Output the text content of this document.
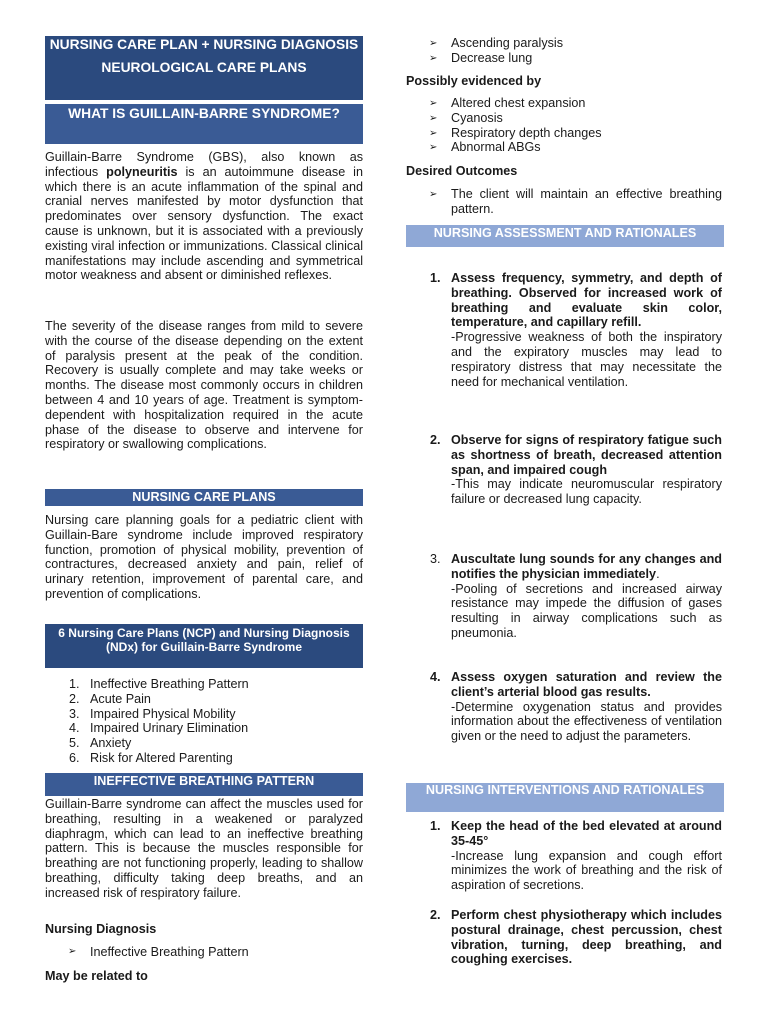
NURSING CARE PLAN + NURSING DIAGNOSIS
NEUROLOGICAL CARE PLANS
WHAT IS GUILLAIN-BARRE SYNDROME?

Guillain-Barre Syndrome (GBS), also known as infectious polyneuritis is an autoimmune disease in which there is an acute inflammation of the spinal and cranial nerves manifested by motor dysfunction that predominates over sensory dysfunction. The exact cause is unknown, but it is associated with a previously existing viral infection or immunizations. Classical clinical manifestations may include ascending and symmetrical motor weakness and absent or diminished reflexes.

The severity of the disease ranges from mild to severe with the course of the disease depending on the extent of paralysis present at the peak of the condition. Recovery is usually complete and may take weeks or months. The disease most commonly occurs in children between 4 and 10 years of age. Treatment is symptom-dependent with hospitalization required in the acute phase of the disease to observe and intervene for respiratory or swallowing complications.

NURSING CARE PLANS

Nursing care planning goals for a pediatric client with Guillain-Bare syndrome include improved respiratory function, promotion of physical mobility, prevention of contractures, decreased anxiety and pain, relief of urinary retention, improvement of parental care, and prevention of complications.

6 Nursing Care Plans (NCP) and Nursing Diagnosis (NDx) for Guillain-Barre Syndrome
1. Ineffective Breathing Pattern
2. Acute Pain
3. Impaired Physical Mobility
4. Impaired Urinary Elimination
5. Anxiety
6. Risk for Altered Parenting
INEFFECTIVE BREATHING PATTERN

Guillain-Barre syndrome can affect the muscles used for breathing, resulting in a weakened or paralyzed diaphragm, which can lead to an ineffective breathing pattern. This is because the muscles responsible for breathing are not functioning properly, leading to shallow breathing, difficulty taking deep breaths, and an increased risk of respiratory failure.

Nursing Diagnosis
➢ Ineffective Breathing Pattern
May be related to
➢ Ascending paralysis
➢ Decrease lung
Possibly evidenced by
➢ Altered chest expansion
➢ Cyanosis
➢ Respiratory depth changes
➢ Abnormal ABGs
Desired Outcomes
➢ The client will maintain an effective breathing pattern.
NURSING ASSESSMENT AND RATIONALES
1. Assess frequency, symmetry, and depth of breathing. Observed for increased work of breathing and evaluate skin color, temperature, and capillary refill.
-Progressive weakness of both the inspiratory and the expiratory muscles may lead to respiratory distress that may necessitate the need for mechanical ventilation.
2. Observe for signs of respiratory fatigue such as shortness of breath, decreased attention span, and impaired cough
-This may indicate neuromuscular respiratory failure or decreased lung capacity.
3. Auscultate lung sounds for any changes and notifies the physician immediately.
-Pooling of secretions and increased airway resistance may impede the diffusion of gases resulting in airway complications such as pneumonia.
4. Assess oxygen saturation and review the client’s arterial blood gas results.
-Determine oxygenation status and provides information about the effectiveness of ventilation given or the need to adjust the parameters.
NURSING INTERVENTIONS AND RATIONALES
1. Keep the head of the bed elevated at around 35-45°
-Increase lung expansion and cough effort minimizes the work of breathing and the risk of aspiration of secretions.
2. Perform chest physiotherapy which includes postural drainage, chest percussion, chest vibration, turning, deep breathing, and coughing exercises.
